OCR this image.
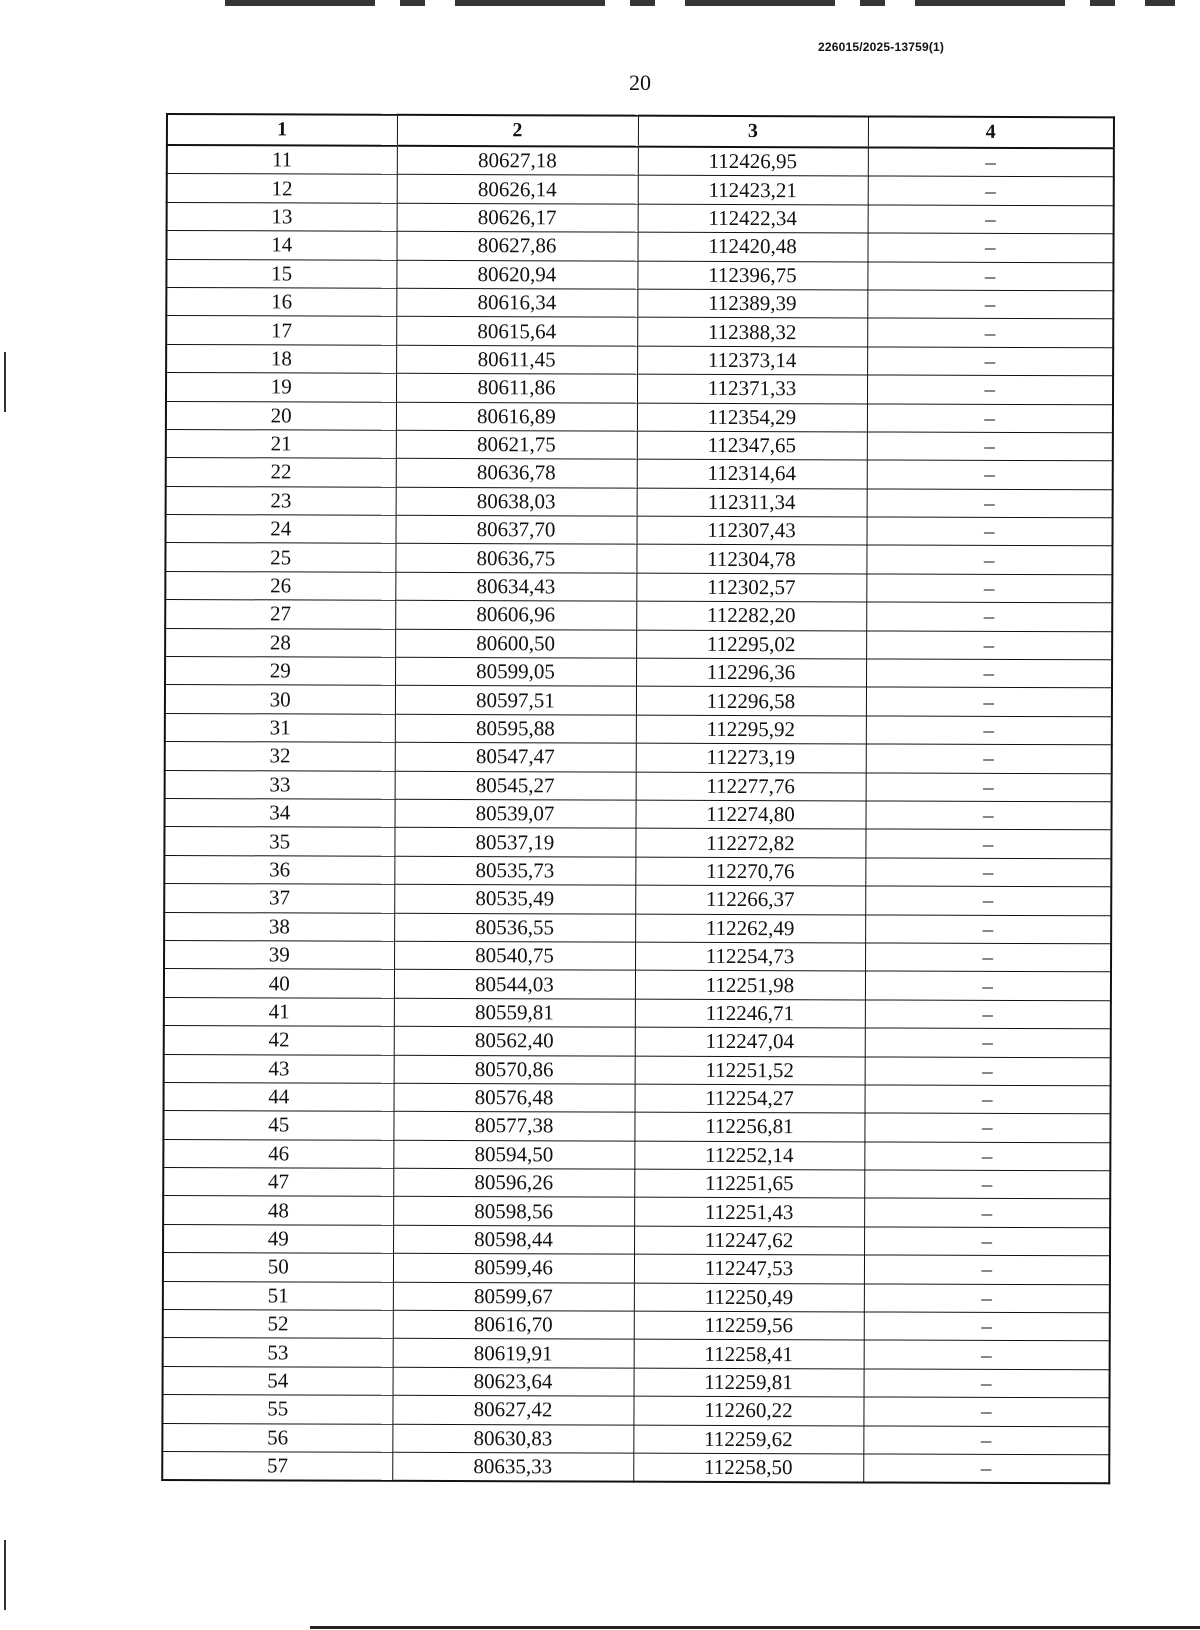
226015/2025-13759(1)
20
1	2	3	4
11	80627,18	112426,95	–
12	80626,14	112423,21	–
13	80626,17	112422,34	–
14	80627,86	112420,48	–
15	80620,94	112396,75	–
16	80616,34	112389,39	–
17	80615,64	112388,32	–
18	80611,45	112373,14	–
19	80611,86	112371,33	–
20	80616,89	112354,29	–
21	80621,75	112347,65	–
22	80636,78	112314,64	–
23	80638,03	112311,34	–
24	80637,70	112307,43	–
25	80636,75	112304,78	–
26	80634,43	112302,57	–
27	80606,96	112282,20	–
28	80600,50	112295,02	–
29	80599,05	112296,36	–
30	80597,51	112296,58	–
31	80595,88	112295,92	–
32	80547,47	112273,19	–
33	80545,27	112277,76	–
34	80539,07	112274,80	–
35	80537,19	112272,82	–
36	80535,73	112270,76	–
37	80535,49	112266,37	–
38	80536,55	112262,49	–
39	80540,75	112254,73	–
40	80544,03	112251,98	–
41	80559,81	112246,71	–
42	80562,40	112247,04	–
43	80570,86	112251,52	–
44	80576,48	112254,27	–
45	80577,38	112256,81	–
46	80594,50	112252,14	–
47	80596,26	112251,65	–
48	80598,56	112251,43	–
49	80598,44	112247,62	–
50	80599,46	112247,53	–
51	80599,67	112250,49	–
52	80616,70	112259,56	–
53	80619,91	112258,41	–
54	80623,64	112259,81	–
55	80627,42	112260,22	–
56	80630,83	112259,62	–
57	80635,33	112258,50	–
